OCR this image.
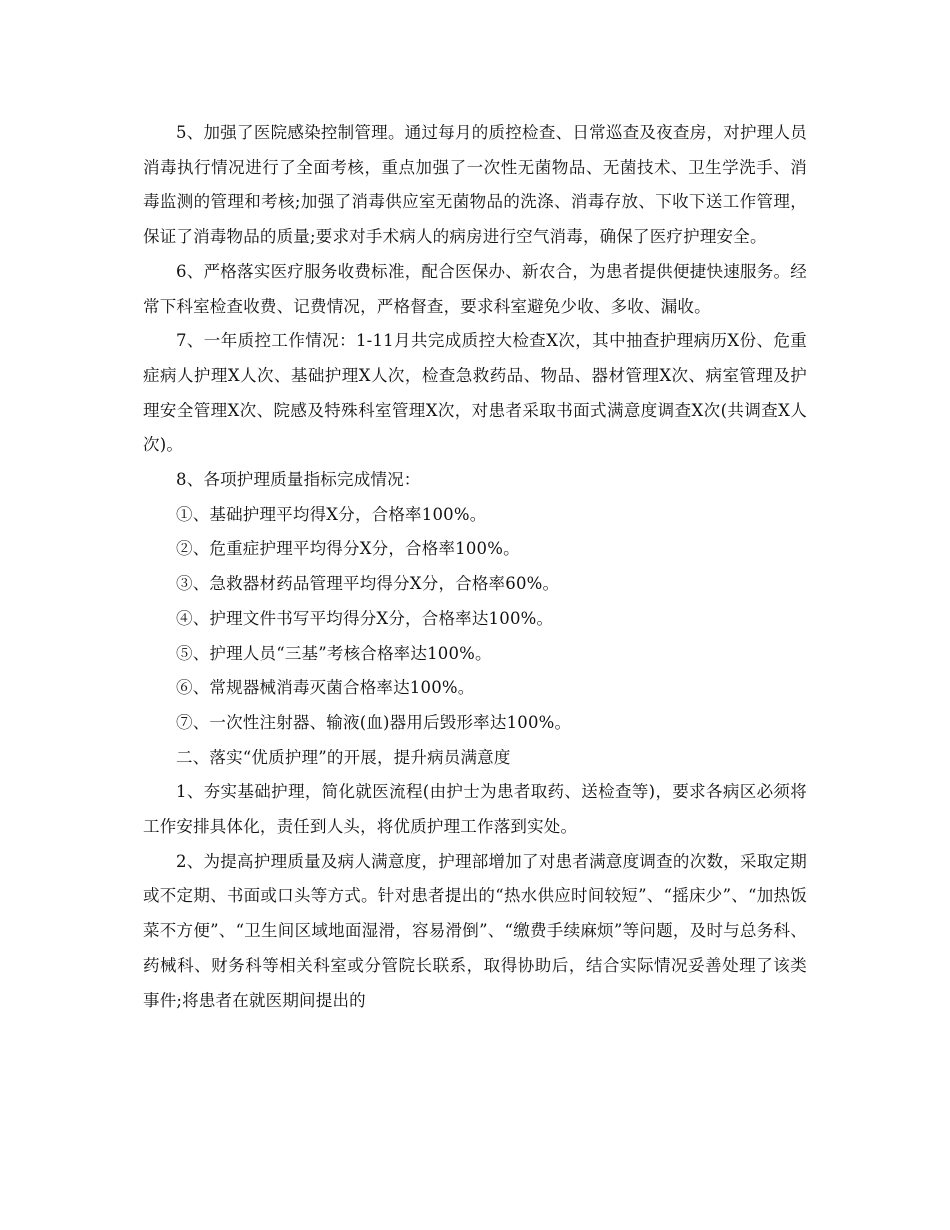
5、加强了医院感染控制管理。通过每月的质控检查、日常巡查及夜查房，对护理人员消毒执行情况进行了全面考核，重点加强了一次性无菌物品、无菌技术、卫生学洗手、消毒监测的管理和考核;加强了消毒供应室无菌物品的洗涤、消毒存放、下收下送工作管理，保证了消毒物品的质量;要求对手术病人的病房进行空气消毒，确保了医疗护理安全。

6、严格落实医疗服务收费标准，配合医保办、新农合，为患者提供便捷快速服务。经常下科室检查收费、记费情况，严格督查，要求科室避免少收、多收、漏收。

7、一年质控工作情况：1-11月共完成质控大检查X次，其中抽查护理病历X份、危重症病人护理X人次、基础护理X人次，检查急救药品、物品、器材管理X次、病室管理及护理安全管理X次、院感及特殊科室管理X次，对患者采取书面式满意度调查X次(共调查X人次)。

8、各项护理质量指标完成情况：

①、基础护理平均得X分，合格率100%。

②、危重症护理平均得分X分，合格率100%。

③、急救器材药品管理平均得分X分，合格率60%。

④、护理文件书写平均得分X分，合格率达100%。

⑤、护理人员“三基”考核合格率达100%。

⑥、常规器械消毒灭菌合格率达100%。

⑦、一次性注射器、输液(血)器用后毁形率达100%。

二、落实“优质护理”的开展，提升病员满意度

1、夯实基础护理，简化就医流程(由护士为患者取药、送检查等)，要求各病区必须将工作安排具体化，责任到人头，将优质护理工作落到实处。

2、为提高护理质量及病人满意度，护理部增加了对患者满意度调查的次数，采取定期或不定期、书面或口头等方式。针对患者提出的“热水供应时间较短”、“摇床少”、“加热饭菜不方便”、“卫生间区域地面湿滑，容易滑倒”、“缴费手续麻烦”等问题，及时与总务科、药械科、财务科等相关科室或分管院长联系，取得协助后，结合实际情况妥善处理了该类事件;将患者在就医期间提出的
